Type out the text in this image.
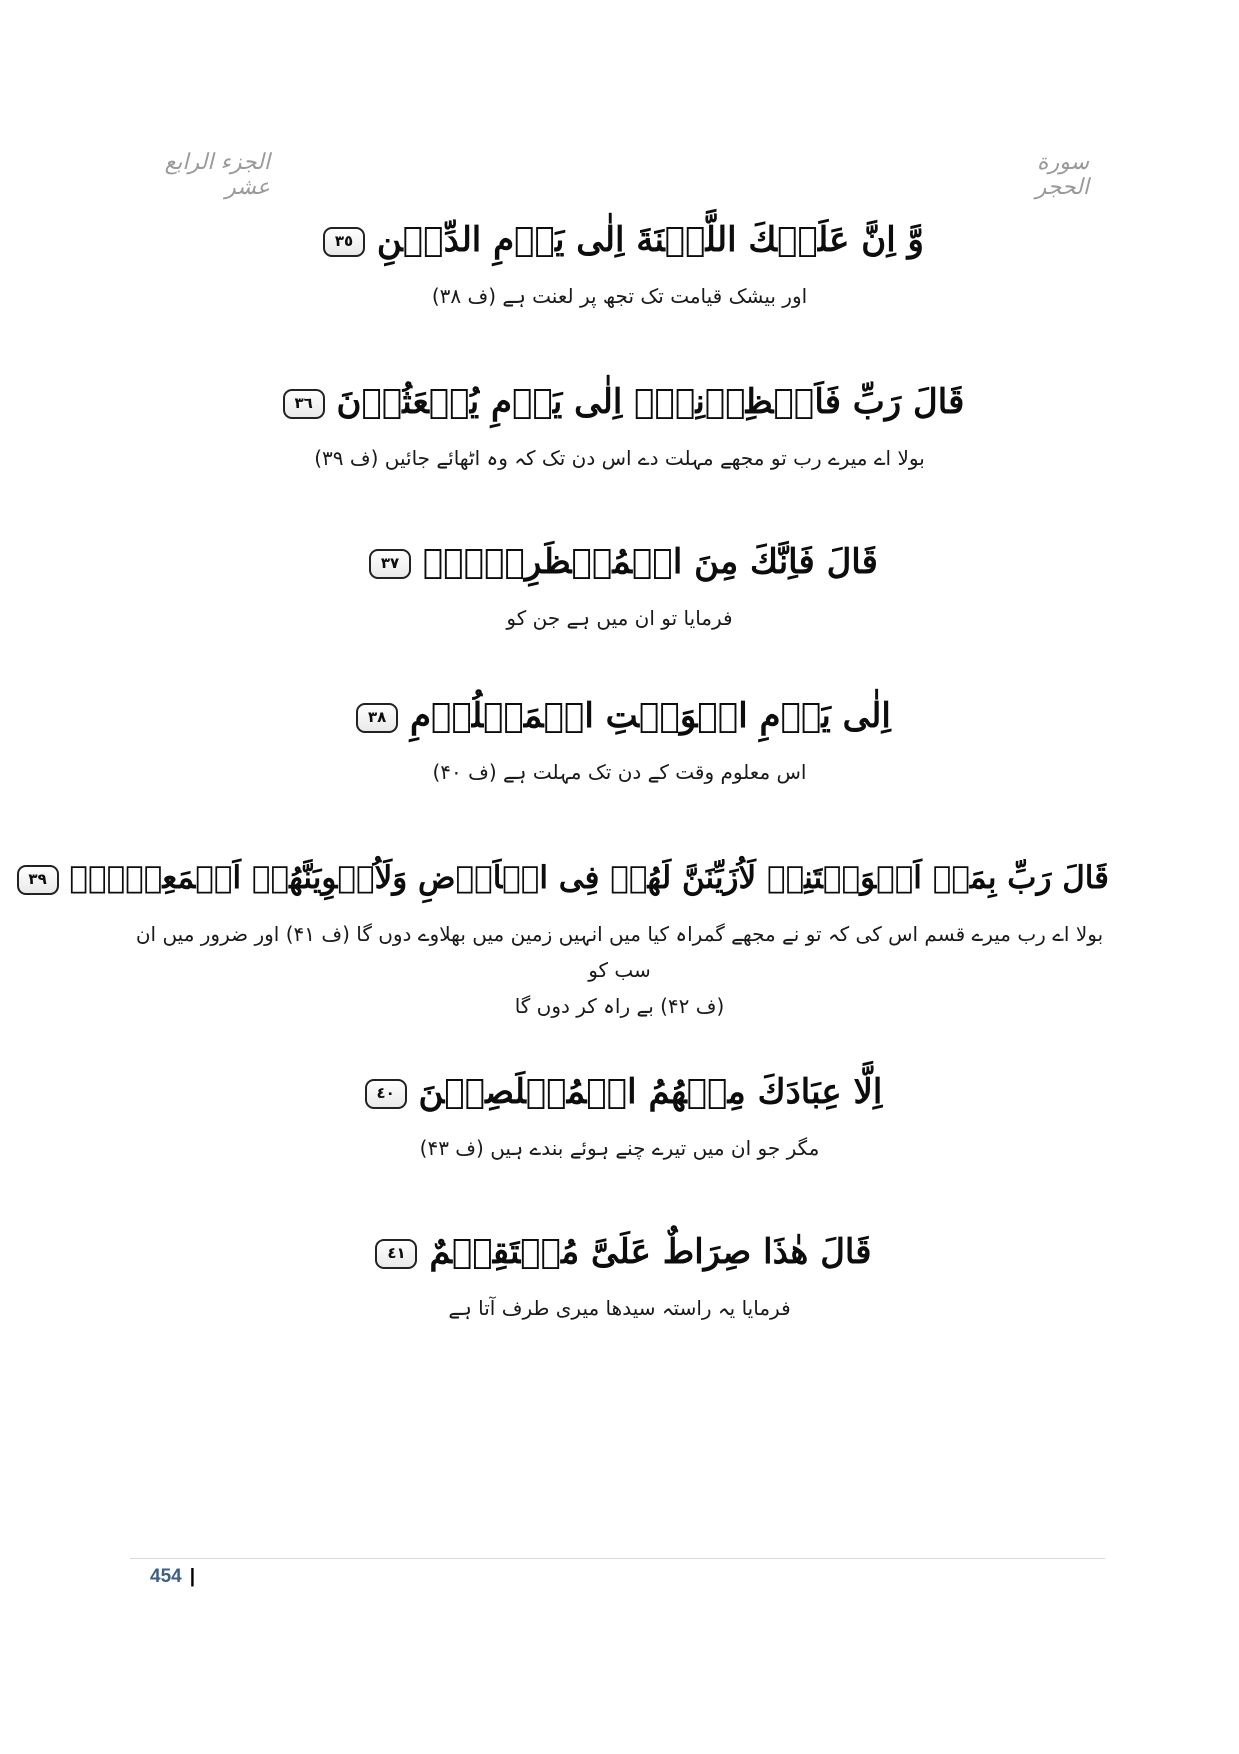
الجزء الرابع عشر
سورة الحجر
وَّ اِنَّ عَلَيۡكَ اللَّعۡنَةَ اِلٰى يَوۡمِ الدِّيۡنِ ٣٥
اور بیشک قیامت تک تجھ پر لعنت ہے (ف ۳۸)
قَالَ رَبِّ فَاَنۡظِرۡنِىۡۤ اِلٰى يَوۡمِ يُبۡعَثُوۡنَ ٣٦
بولا اے میرے رب تو مجھے مہلت دے اس دن تک کہ وہ اٹھائے جائیں (ف ۳۹)
قَالَ فَاِنَّكَ مِنَ الۡمُنۡظَرِيۡنَۙ ٣٧
فرمایا تو ان میں ہے جن کو
اِلٰى يَوۡمِ الۡوَقۡتِ الۡمَعۡلُوۡمِ ٣٨
اس معلوم وقت کے دن تک مہلت ہے (ف ۴۰)
قَالَ رَبِّ بِمَاۤ اَغۡوَيۡتَنِىۡ لَاُزَيِّنَنَّ لَهُمۡ فِى الۡاَرۡضِ وَلَاُغۡوِيَنَّهُمۡ اَجۡمَعِيۡنَۙ ٣٩
بولا اے رب میرے قسم اس کی کہ تو نے مجھے گمراہ کیا میں انہیں زمین میں بھلاوے دوں گا (ف ۴۱) اور ضرور میں ان سب کو
(ف ۴۲) بے راہ کر دوں گا
اِلَّا عِبَادَكَ مِنۡهُمُ الۡمُخۡلَصِيۡنَ ٤٠
مگر جو ان میں تیرے چنے ہوئے بندے ہیں (ف ۴۳)
قَالَ هٰذَا صِرَاطٌ عَلَىَّ مُسۡتَقِيۡمٌ ٤١
فرمایا یہ راستہ سیدھا میری طرف آتا ہے
454 |
